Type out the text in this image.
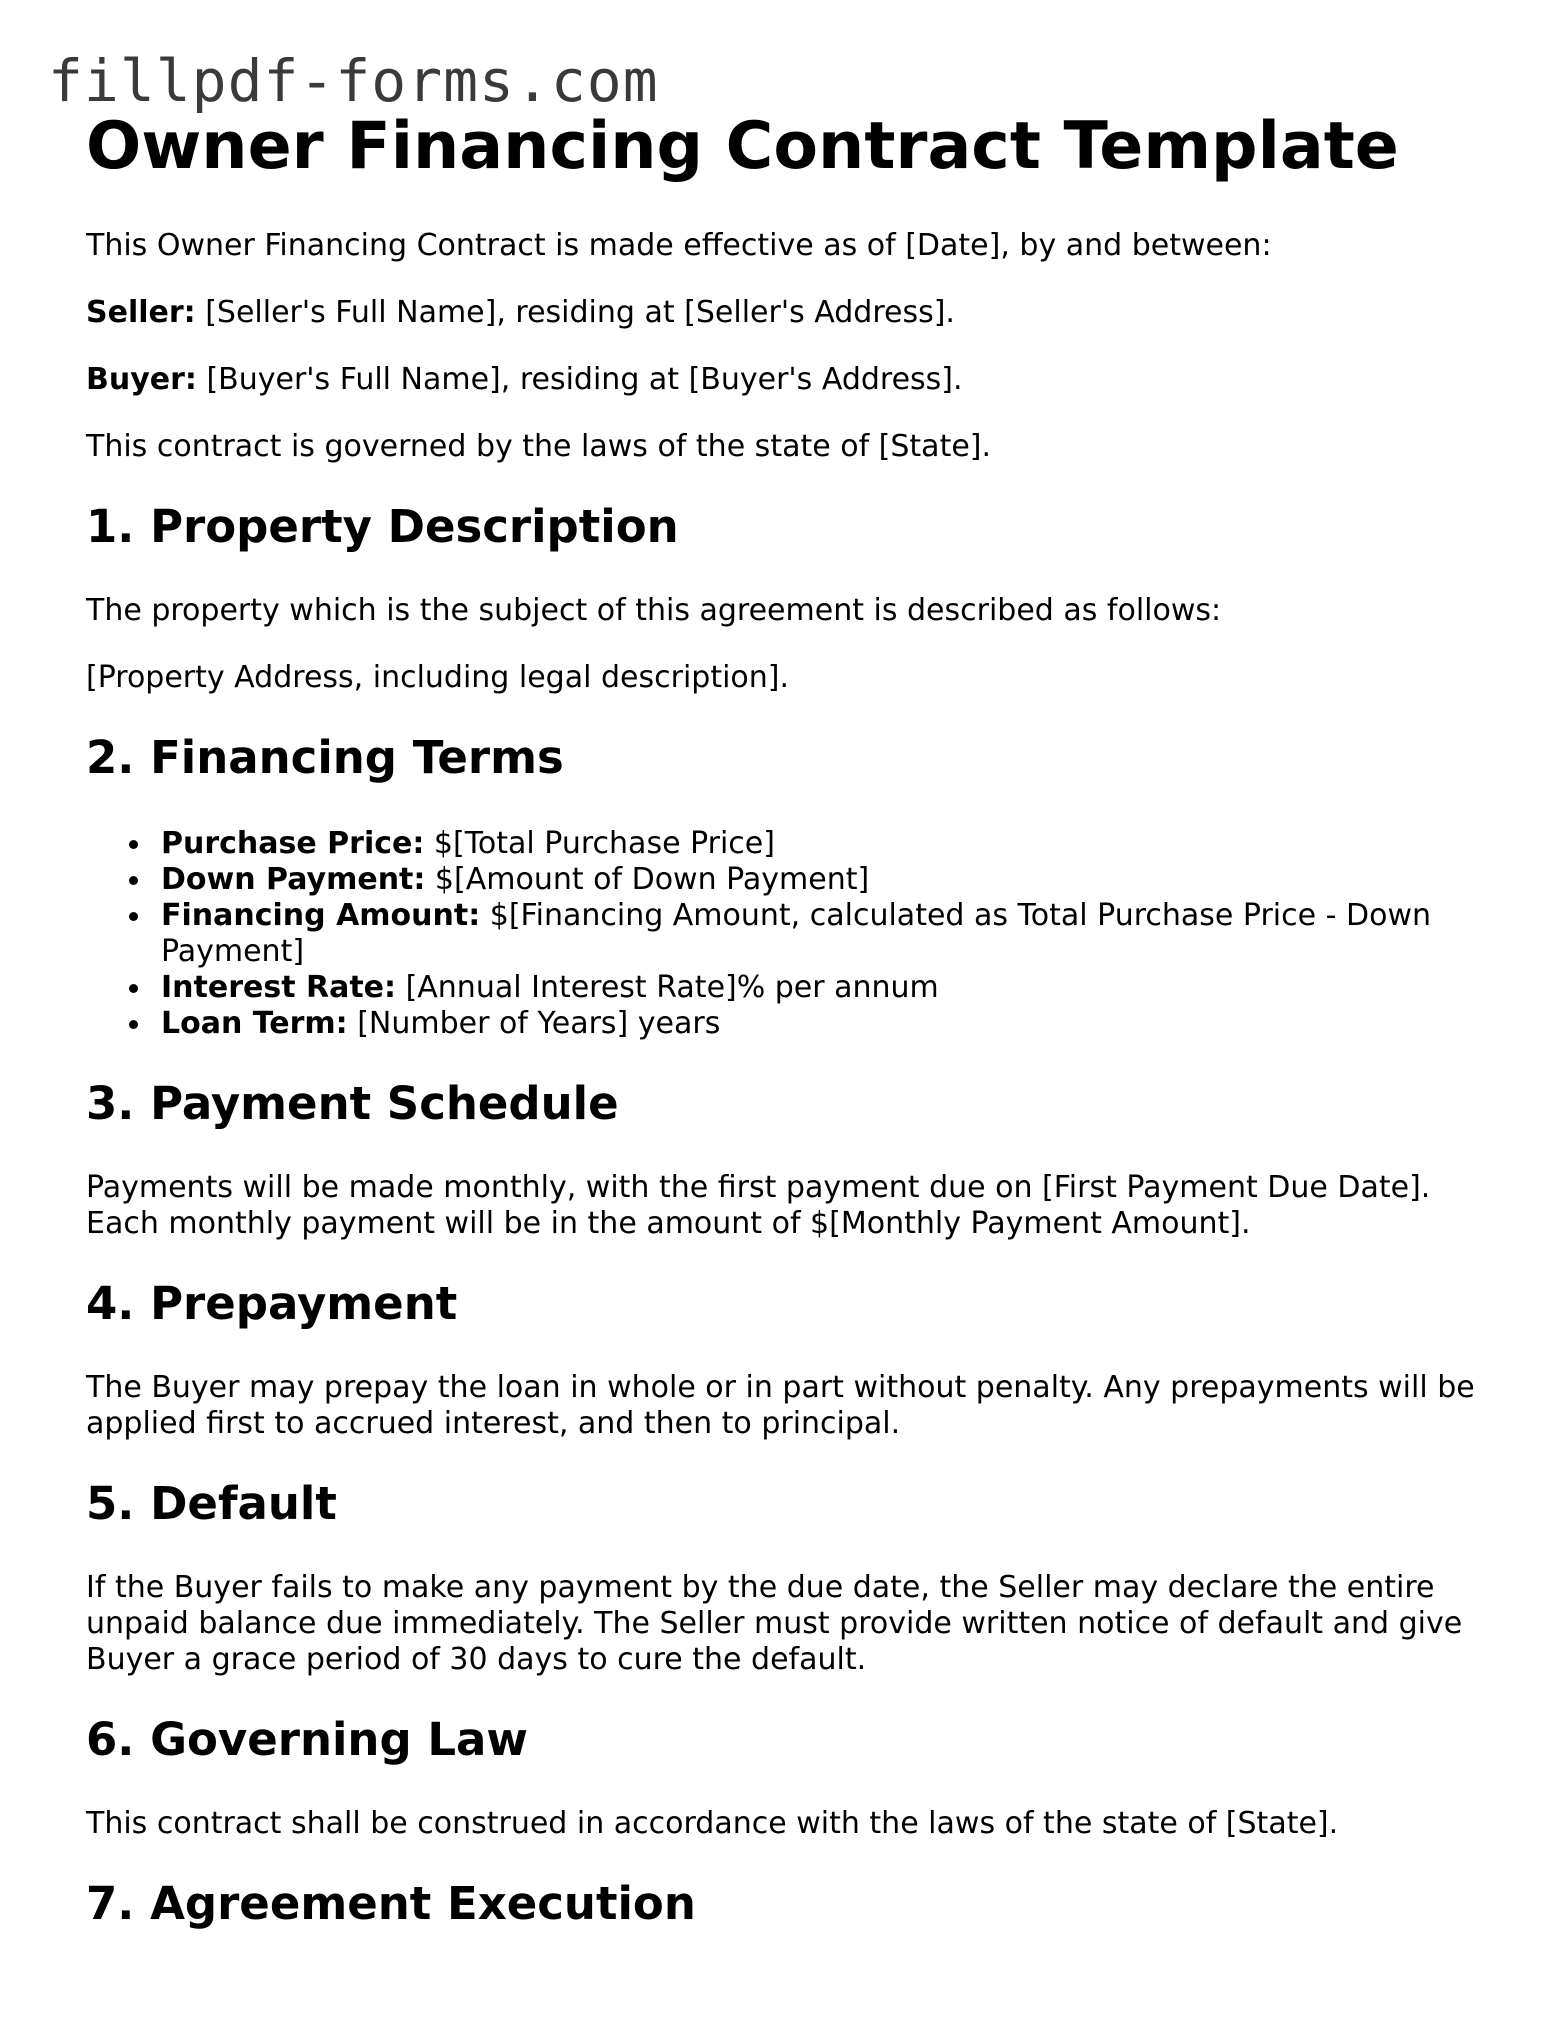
fillpdf-forms.com
Owner Financing Contract Template

This Owner Financing Contract is made effective as of [Date], by and between:

Seller: [Seller's Full Name], residing at [Seller's Address].

Buyer: [Buyer's Full Name], residing at [Buyer's Address].

This contract is governed by the laws of the state of [State].

1. Property Description

The property which is the subject of this agreement is described as follows:

[Property Address, including legal description].

2. Financing Terms
Purchase Price: $[Total Purchase Price]
Down Payment: $[Amount of Down Payment]
Financing Amount: $[Financing Amount, calculated as Total Purchase Price - Down Payment]
Interest Rate: [Annual Interest Rate]% per annum
Loan Term: [Number of Years] years
3. Payment Schedule

Payments will be made monthly, with the first payment due on [First Payment Due Date]. Each monthly payment will be in the amount of $[Monthly Payment Amount].

4. Prepayment

The Buyer may prepay the loan in whole or in part without penalty. Any prepayments will be applied first to accrued interest, and then to principal.

5. Default

If the Buyer fails to make any payment by the due date, the Seller may declare the entire unpaid balance due immediately. The Seller must provide written notice of default and give Buyer a grace period of 30 days to cure the default.

6. Governing Law

This contract shall be construed in accordance with the laws of the state of [State].

7. Agreement Execution
